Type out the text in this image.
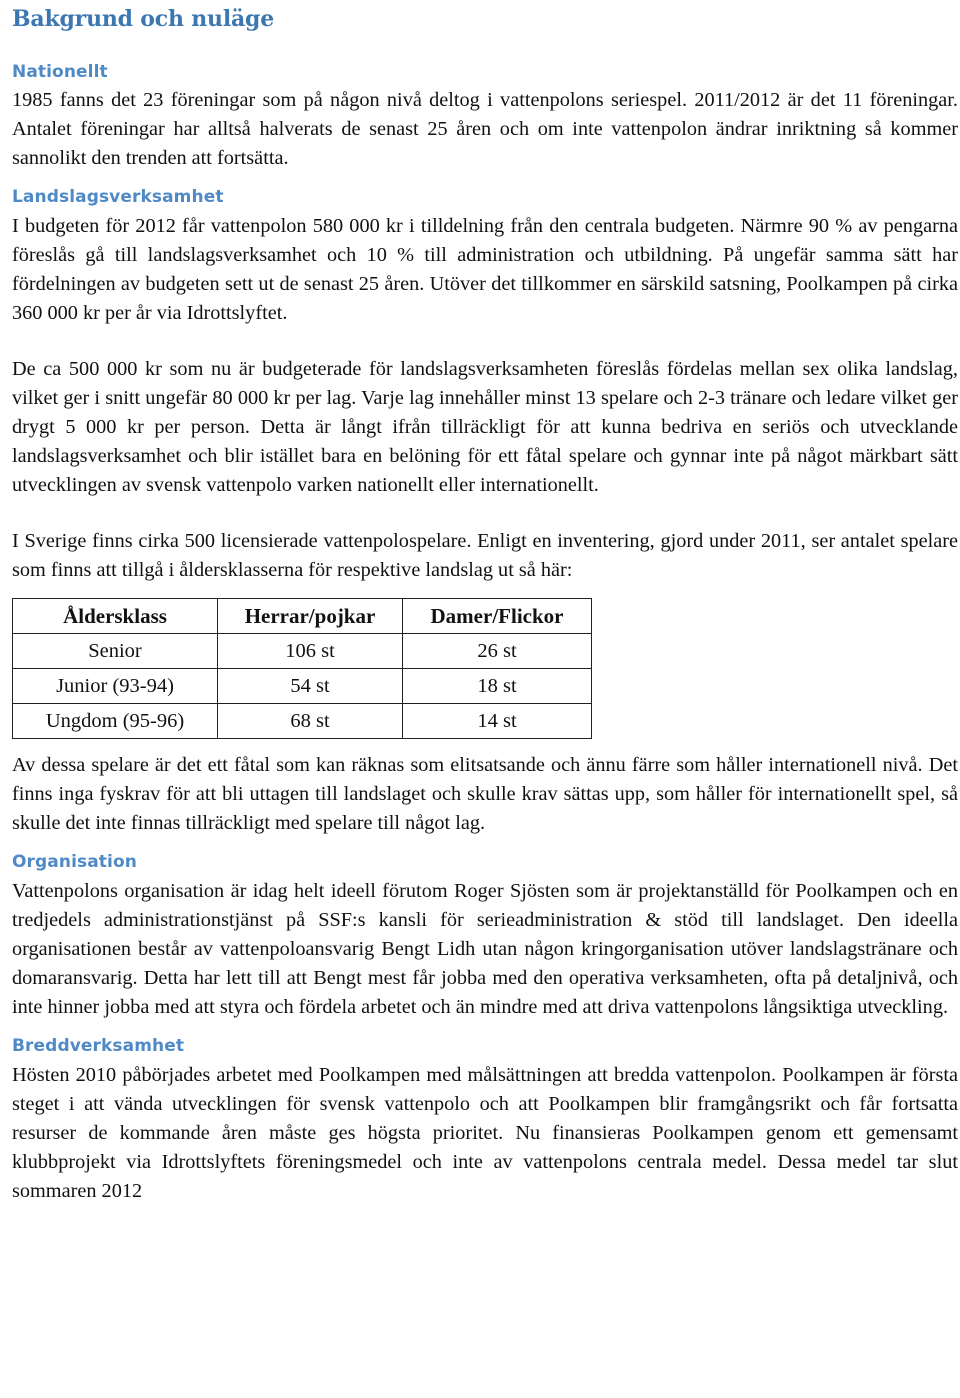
Bakgrund och nuläge
Nationellt

1985 fanns det 23 föreningar som på någon nivå deltog i vattenpolons seriespel. 2011/2012 är det 11 föreningar. Antalet föreningar har alltså halverats de senast 25 åren och om inte vattenpolon ändrar inriktning så kommer sannolikt den trenden att fortsätta.

Landslagsverksamhet

I budgeten för 2012 får vattenpolon 580 000 kr i tilldelning från den centrala budgeten. Närmre 90 % av pengarna föreslås gå till landslagsverksamhet och 10 % till administration och utbildning. På ungefär samma sätt har fördelningen av budgeten sett ut de senast 25 åren. Utöver det tillkommer en särskild satsning, Poolkampen på cirka 360 000 kr per år via Idrottslyftet.

De ca 500 000 kr som nu är budgeterade för landslagsverksamheten föreslås fördelas mellan sex olika landslag, vilket ger i snitt ungefär 80 000 kr per lag. Varje lag innehåller minst 13 spelare och 2-3 tränare och ledare vilket ger drygt 5 000 kr per person. Detta är långt ifrån tillräckligt för att kunna bedriva en seriös och utvecklande landslagsverksamhet och blir istället bara en belöning för ett fåtal spelare och gynnar inte på något märkbart sätt utvecklingen av svensk vattenpolo varken nationellt eller internationellt.

I Sverige finns cirka 500 licensierade vattenpolospelare. Enligt en inventering, gjord under 2011, ser antalet spelare som finns att tillgå i åldersklasserna för respektive landslag ut så här:

Åldersklass	Herrar/pojkar	Damer/Flickor
Senior	106 st	26 st
Junior (93-94)	54 st	18 st
Ungdom (95-96)	68 st	14 st

Av dessa spelare är det ett fåtal som kan räknas som elitsatsande och ännu färre som håller internationell nivå. Det finns inga fyskrav för att bli uttagen till landslaget och skulle krav sättas upp, som håller för internationellt spel, så skulle det inte finnas tillräckligt med spelare till något lag.

Organisation

Vattenpolons organisation är idag helt ideell förutom Roger Sjösten som är projektanställd för Poolkampen och en tredjedels administrationstjänst på SSF:s kansli för serieadministration & stöd till landslaget. Den ideella organisationen består av vattenpoloansvarig Bengt Lidh utan någon kringorganisation utöver landslagstränare och domaransvarig. Detta har lett till att Bengt mest får jobba med den operativa verksamheten, ofta på detaljnivå, och inte hinner jobba med att styra och fördela arbetet och än mindre med att driva vattenpolons långsiktiga utveckling.

Breddverksamhet

Hösten 2010 påbörjades arbetet med Poolkampen med målsättningen att bredda vattenpolon. Poolkampen är första steget i att vända utvecklingen för svensk vattenpolo och att Poolkampen blir framgångsrikt och får fortsatta resurser de kommande åren måste ges högsta prioritet. Nu finansieras Poolkampen genom ett gemensamt klubbprojekt via Idrottslyftets föreningsmedel och inte av vattenpolons centrala medel. Dessa medel tar slut sommaren 2012
